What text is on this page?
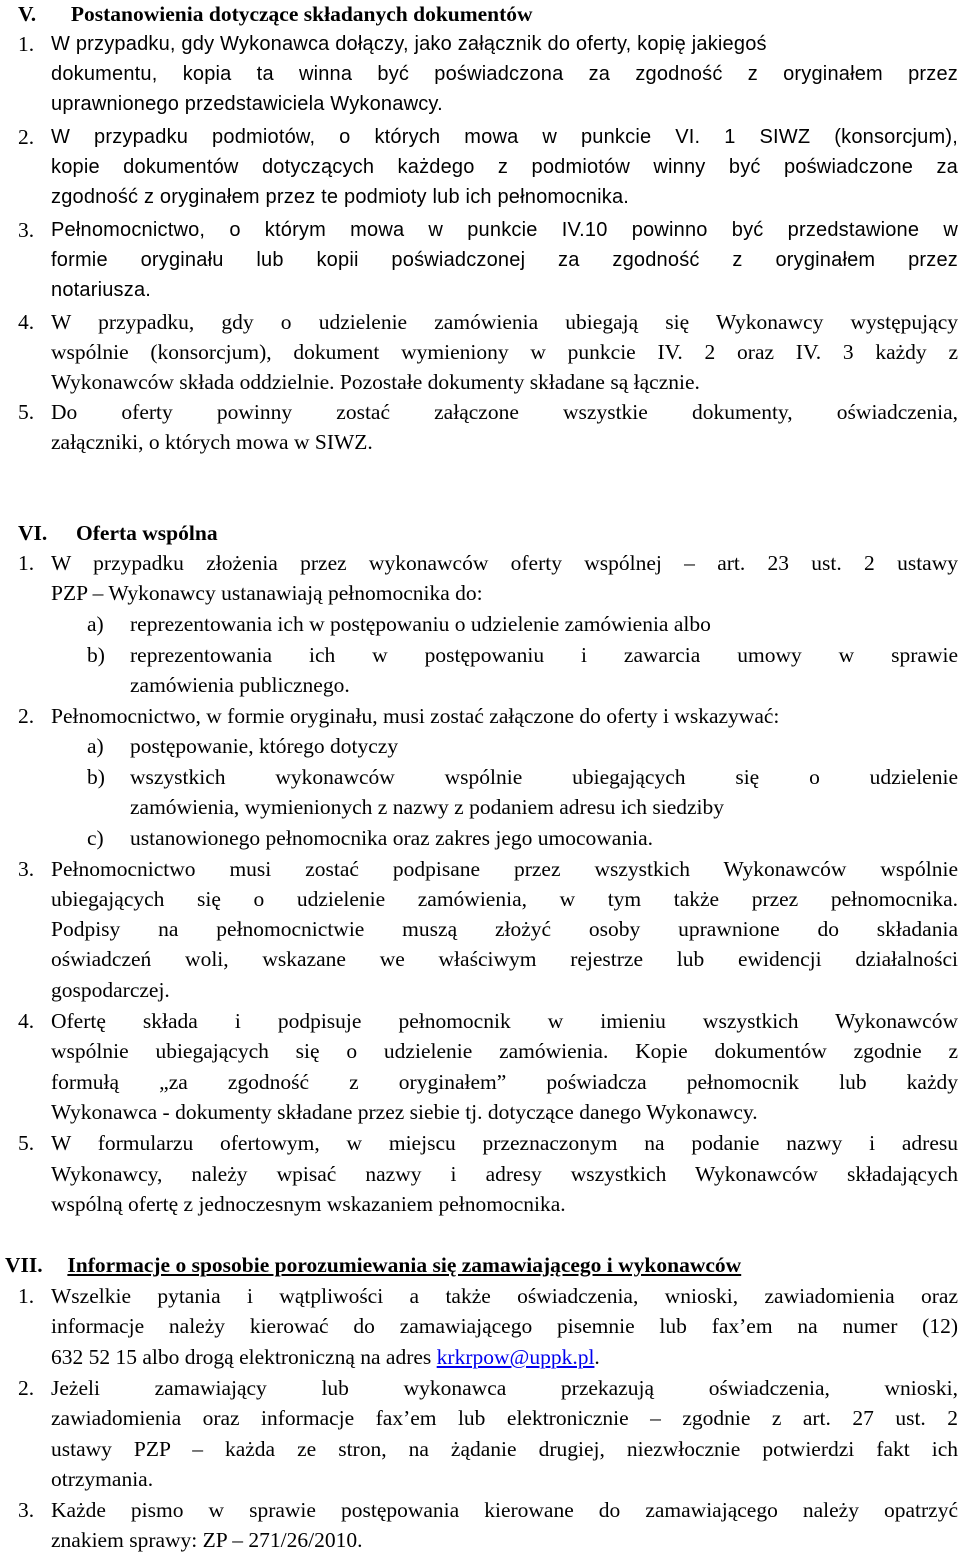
V. Postanowienia dotyczące składanych dokumentów
1. W przypadku, gdy Wykonawca dołączy, jako załącznik do oferty, kopię jakiegoś
dokumentu, kopia ta winna być poświadczona za zgodność z oryginałem przez
uprawnionego przedstawiciela Wykonawcy.
2. W przypadku podmiotów, o których mowa w punkcie VI. 1 SIWZ (konsorcjum),
kopie dokumentów dotyczących każdego z podmiotów winny być poświadczone za
zgodność z oryginałem przez te podmioty lub ich pełnomocnika.
3. Pełnomocnictwo, o którym mowa w punkcie IV.10 powinno być przedstawione w
formie oryginału lub kopii poświadczonej za zgodność z oryginałem przez
notariusza.
4. W przypadku, gdy o udzielenie zamówienia ubiegają się Wykonawcy występujący
wspólnie (konsorcjum), dokument wymieniony w punkcie IV. 2 oraz IV. 3 każdy z
Wykonawców składa oddzielnie. Pozostałe dokumenty składane są łącznie.
5. Do oferty powinny zostać załączone wszystkie dokumenty, oświadczenia,
załączniki, o których mowa w SIWZ.
VI. Oferta wspólna
1. W przypadku złożenia przez wykonawców oferty wspólnej – art. 23 ust. 2 ustawy
PZP – Wykonawcy ustanawiają pełnomocnika do:
a) reprezentowania ich w postępowaniu o udzielenie zamówienia albo
b) reprezentowania ich w postępowaniu i zawarcia umowy w sprawie
zamówienia publicznego.
2. Pełnomocnictwo, w formie oryginału, musi zostać załączone do oferty i wskazywać:
a) postępowanie, którego dotyczy
b) wszystkich wykonawców wspólnie ubiegających się o udzielenie
zamówienia, wymienionych z nazwy z podaniem adresu ich siedziby
c) ustanowionego pełnomocnika oraz zakres jego umocowania.
3. Pełnomocnictwo musi zostać podpisane przez wszystkich Wykonawców wspólnie
ubiegających się o udzielenie zamówienia, w tym także przez pełnomocnika.
Podpisy na pełnomocnictwie muszą złożyć osoby uprawnione do składania
oświadczeń woli, wskazane we właściwym rejestrze lub ewidencji działalności
gospodarczej.
4. Ofertę składa i podpisuje pełnomocnik w imieniu wszystkich Wykonawców
wspólnie ubiegających się o udzielenie zamówienia. Kopie dokumentów zgodnie z
formułą „za zgodność z oryginałem” poświadcza pełnomocnik lub każdy
Wykonawca - dokumenty składane przez siebie tj. dotyczące danego Wykonawcy.
5. W formularzu ofertowym, w miejscu przeznaczonym na podanie nazwy i adresu
Wykonawcy, należy wpisać nazwy i adresy wszystkich Wykonawców składających
wspólną ofertę z jednoczesnym wskazaniem pełnomocnika.
VII. Informacje o sposobie porozumiewania się zamawiającego i wykonawców
1. Wszelkie pytania i wątpliwości a także oświadczenia, wnioski, zawiadomienia oraz
informacje należy kierować do zamawiającego pisemnie lub fax’em na numer (12)
632 52 15 albo drogą elektroniczną na adres krkrpow@uppk.pl.
2. Jeżeli zamawiający lub wykonawca przekazują oświadczenia, wnioski,
zawiadomienia oraz informacje fax’em lub elektronicznie – zgodnie z art. 27 ust. 2
ustawy PZP – każda ze stron, na żądanie drugiej, niezwłocznie potwierdzi fakt ich
otrzymania.
3. Każde pismo w sprawie postępowania kierowane do zamawiającego należy opatrzyć
znakiem sprawy: ZP – 271/26/2010.
